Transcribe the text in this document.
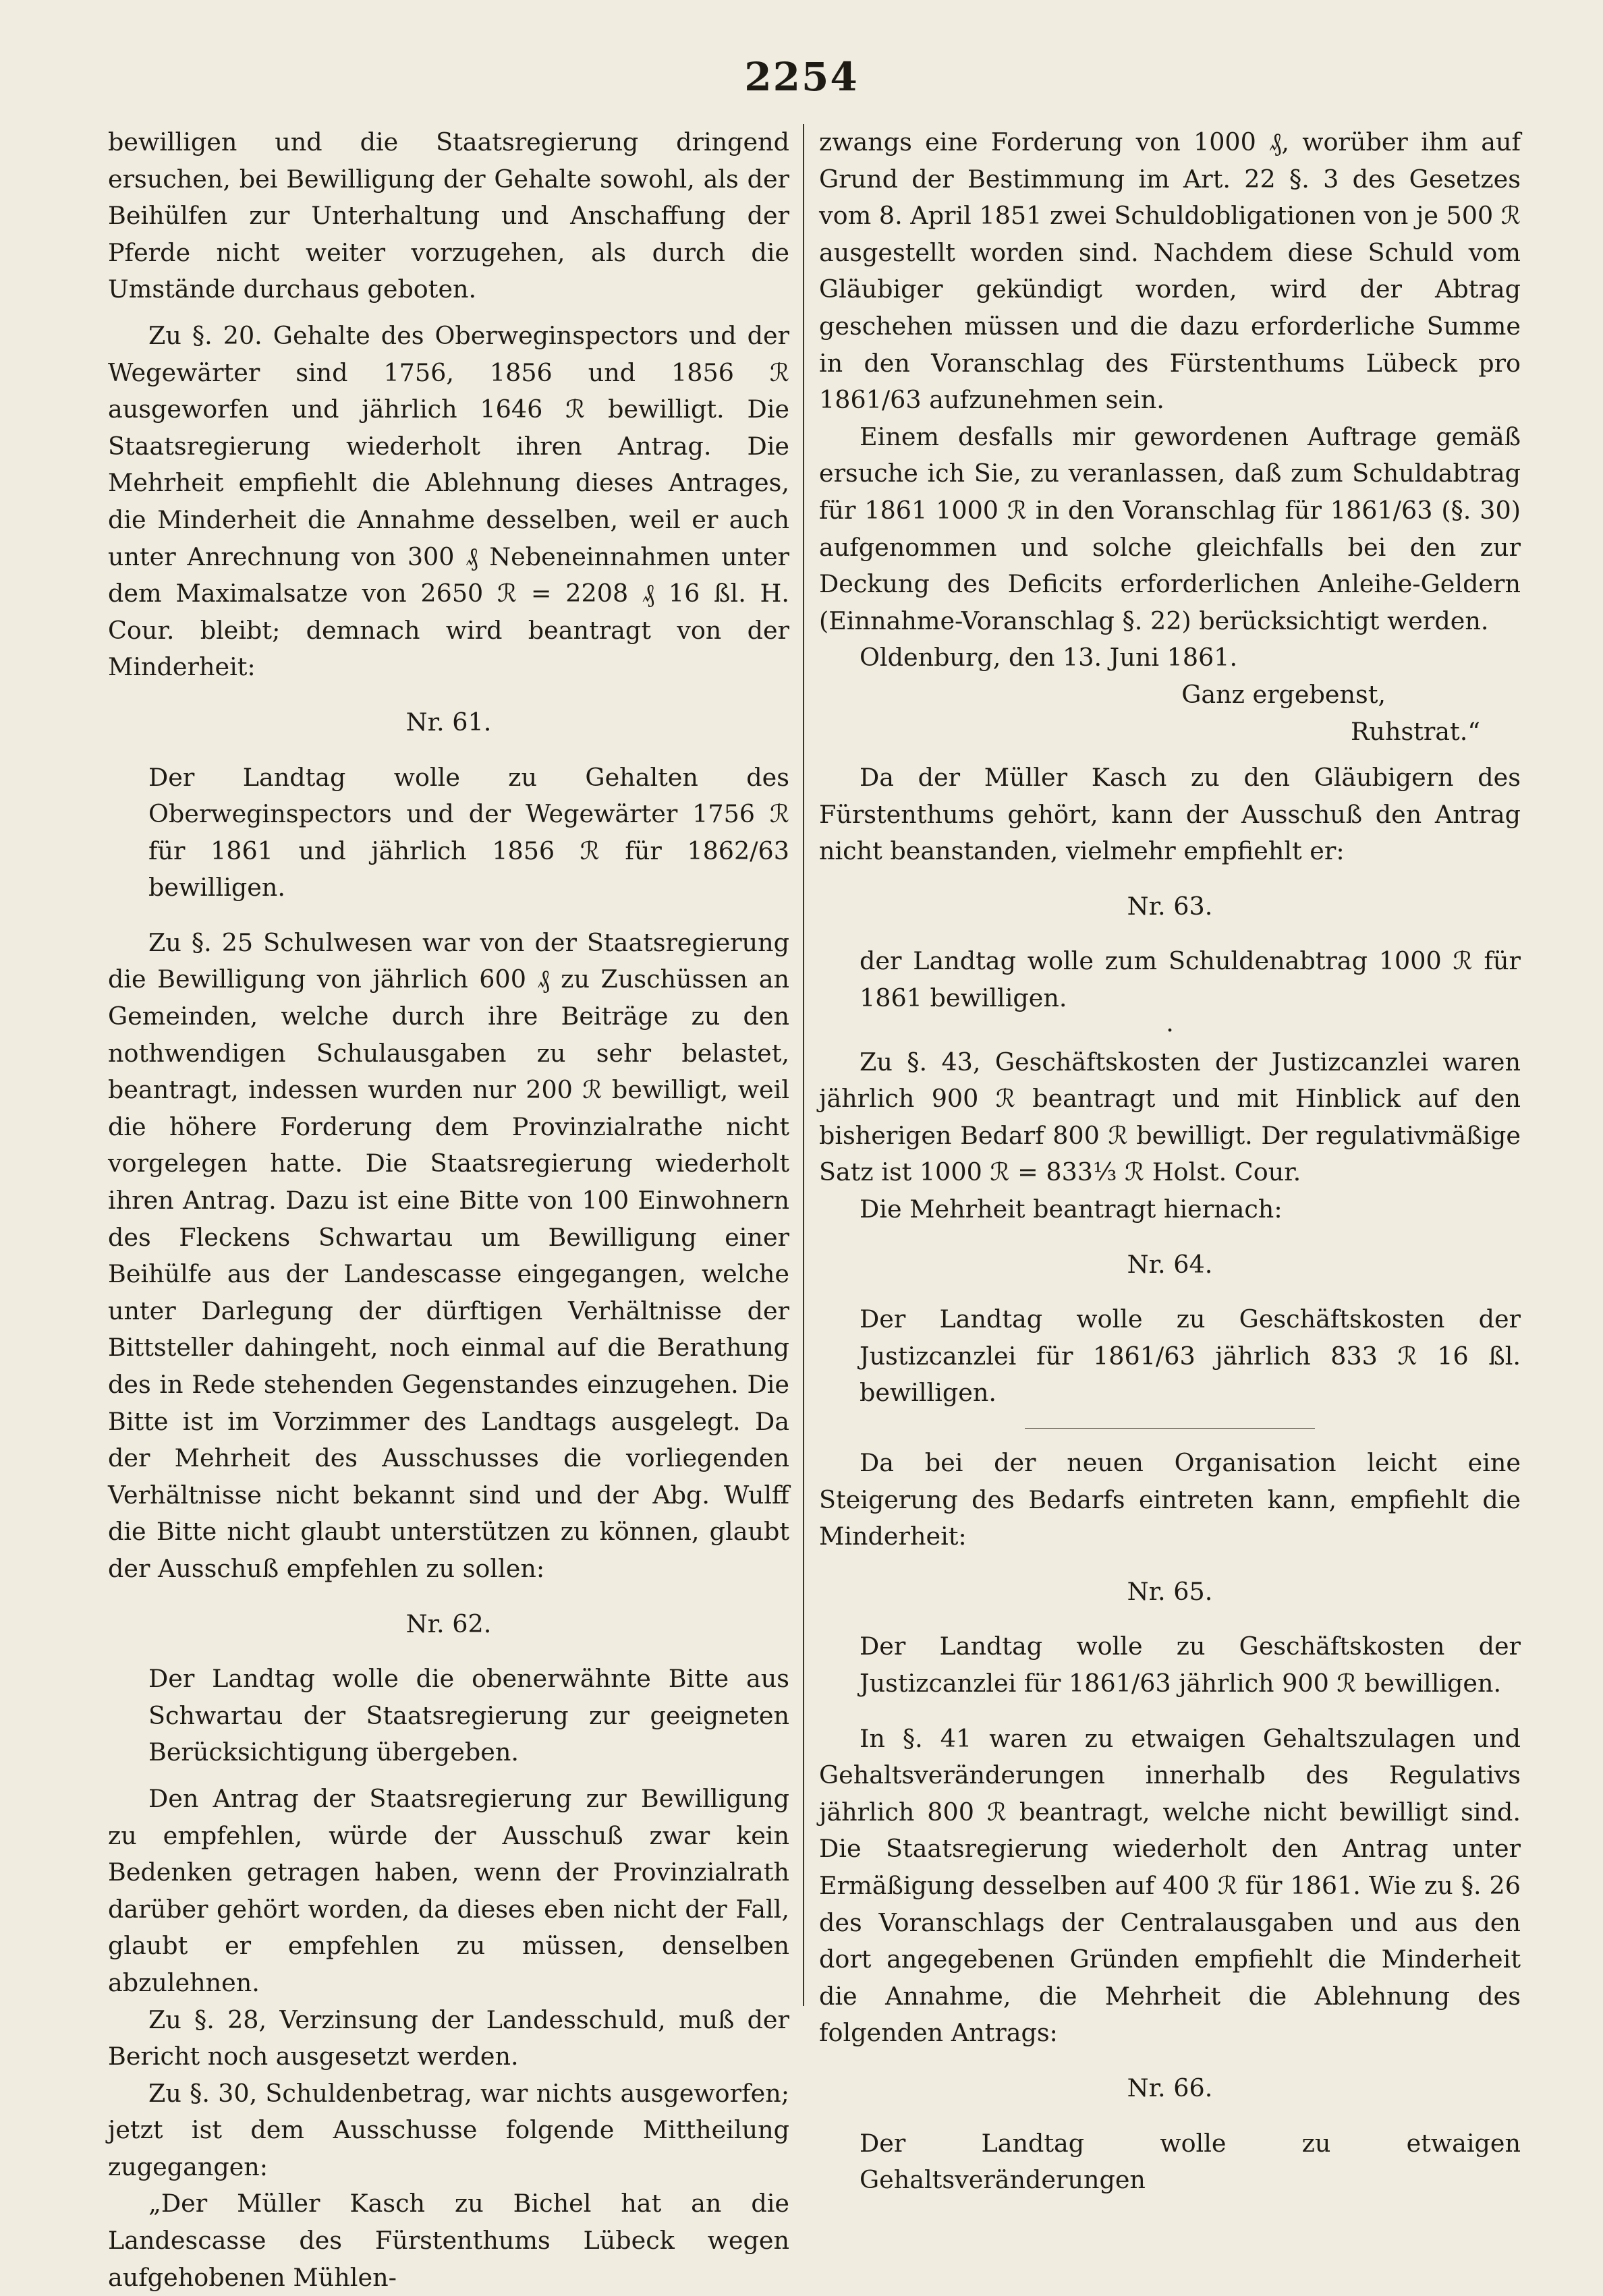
2254

bewilligen und die Staatsregierung dringend ersuchen, bei Bewilligung der Gehalte sowohl, als der Beihülfen zur Unterhaltung und Anschaffung der Pferde nicht weiter vorzugehen, als durch die Umstände durchaus geboten.

Zu §. 20. Gehalte des Oberweginspectors und der Wegewärter sind 1756, 1856 und 1856 ℛ ausgeworfen und jährlich 1646 ℛ bewilligt. Die Staatsregierung wiederholt ihren Antrag. Die Mehrheit empfiehlt die Ablehnung dieses Antrages, die Minderheit die Annahme desselben, weil er auch unter Anrechnung von 300 ₰ Nebeneinnahmen unter dem Maximalsatze von 2650 ℛ = 2208 ₰ 16 ßl. H. Cour. bleibt; demnach wird beantragt von der Minderheit:

Nr. 61.

Der Landtag wolle zu Gehalten des Oberweginspectors und der Wegewärter 1756 ℛ für 1861 und jährlich 1856 ℛ für 1862/63 bewilligen.

Zu §. 25 Schulwesen war von der Staatsregierung die Bewilligung von jährlich 600 ₰ zu Zuschüssen an Gemeinden, welche durch ihre Beiträge zu den nothwendigen Schulausgaben zu sehr belastet, beantragt, indessen wurden nur 200 ℛ bewilligt, weil die höhere Forderung dem Provinzialrathe nicht vorgelegen hatte. Die Staatsregierung wiederholt ihren Antrag. Dazu ist eine Bitte von 100 Einwohnern des Fleckens Schwartau um Bewilligung einer Beihülfe aus der Landescasse eingegangen, welche unter Darlegung der dürftigen Verhältnisse der Bittsteller dahingeht, noch einmal auf die Berathung des in Rede stehenden Gegenstandes einzugehen. Die Bitte ist im Vorzimmer des Landtags ausgelegt. Da der Mehrheit des Ausschusses die vorliegenden Verhältnisse nicht bekannt sind und der Abg. Wulff die Bitte nicht glaubt unterstützen zu können, glaubt der Ausschuß empfehlen zu sollen:

Nr. 62.

Der Landtag wolle die obenerwähnte Bitte aus Schwartau der Staatsregierung zur geeigneten Berücksichtigung übergeben.

Den Antrag der Staatsregierung zur Bewilligung zu empfehlen, würde der Ausschuß zwar kein Bedenken getragen haben, wenn der Provinzialrath darüber gehört worden, da dieses eben nicht der Fall, glaubt er empfehlen zu müssen, denselben abzulehnen.

Zu §. 28, Verzinsung der Landesschuld, muß der Bericht noch ausgesetzt werden.

Zu §. 30, Schuldenbetrag, war nichts ausgeworfen; jetzt ist dem Ausschusse folgende Mittheilung zugegangen:

„Der Müller Kasch zu Bichel hat an die Landescasse des Fürstenthums Lübeck wegen aufgehobenen Mühlen-

zwangs eine Forderung von 1000 ₰, worüber ihm auf Grund der Bestimmung im Art. 22 §. 3 des Gesetzes vom 8. April 1851 zwei Schuldobligationen von je 500 ℛ ausgestellt worden sind. Nachdem diese Schuld vom Gläubiger gekündigt worden, wird der Abtrag geschehen müssen und die dazu erforderliche Summe in den Voranschlag des Fürstenthums Lübeck pro 1861/63 aufzunehmen sein.

Einem desfalls mir gewordenen Auftrage gemäß ersuche ich Sie, zu veranlassen, daß zum Schuldabtrag für 1861 1000 ℛ in den Voranschlag für 1861/63 (§. 30) aufgenommen und solche gleichfalls bei den zur Deckung des Deficits erforderlichen Anleihe-Geldern (Einnahme-Voranschlag §. 22) berücksichtigt werden.

Oldenburg, den 13. Juni 1861.

Ganz ergebenst,

Ruhstrat.“

Da der Müller Kasch zu den Gläubigern des Fürstenthums gehört, kann der Ausschuß den Antrag nicht beanstanden, vielmehr empfiehlt er:

Nr. 63.

der Landtag wolle zum Schuldenabtrag 1000 ℛ für 1861 bewilligen.

·

Zu §. 43, Geschäftskosten der Justizcanzlei waren jährlich 900 ℛ beantragt und mit Hinblick auf den bisherigen Bedarf 800 ℛ bewilligt. Der regulativmäßige Satz ist 1000 ℛ = 833⅓ ℛ Holst. Cour.

Die Mehrheit beantragt hiernach:

Nr. 64.

Der Landtag wolle zu Geschäftskosten der Justizcanzlei für 1861/63 jährlich 833 ℛ 16 ßl. bewilligen.

Da bei der neuen Organisation leicht eine Steigerung des Bedarfs eintreten kann, empfiehlt die Minderheit:

Nr. 65.

Der Landtag wolle zu Geschäftskosten der Justizcanzlei für 1861/63 jährlich 900 ℛ bewilligen.

In §. 41 waren zu etwaigen Gehaltszulagen und Gehaltsveränderungen innerhalb des Regulativs jährlich 800 ℛ beantragt, welche nicht bewilligt sind. Die Staatsregierung wiederholt den Antrag unter Ermäßigung desselben auf 400 ℛ für 1861. Wie zu §. 26 des Voranschlags der Centralausgaben und aus den dort angegebenen Gründen empfiehlt die Minderheit die Annahme, die Mehrheit die Ablehnung des folgenden Antrags:

Nr. 66.

Der Landtag wolle zu etwaigen Gehaltsveränderungen
